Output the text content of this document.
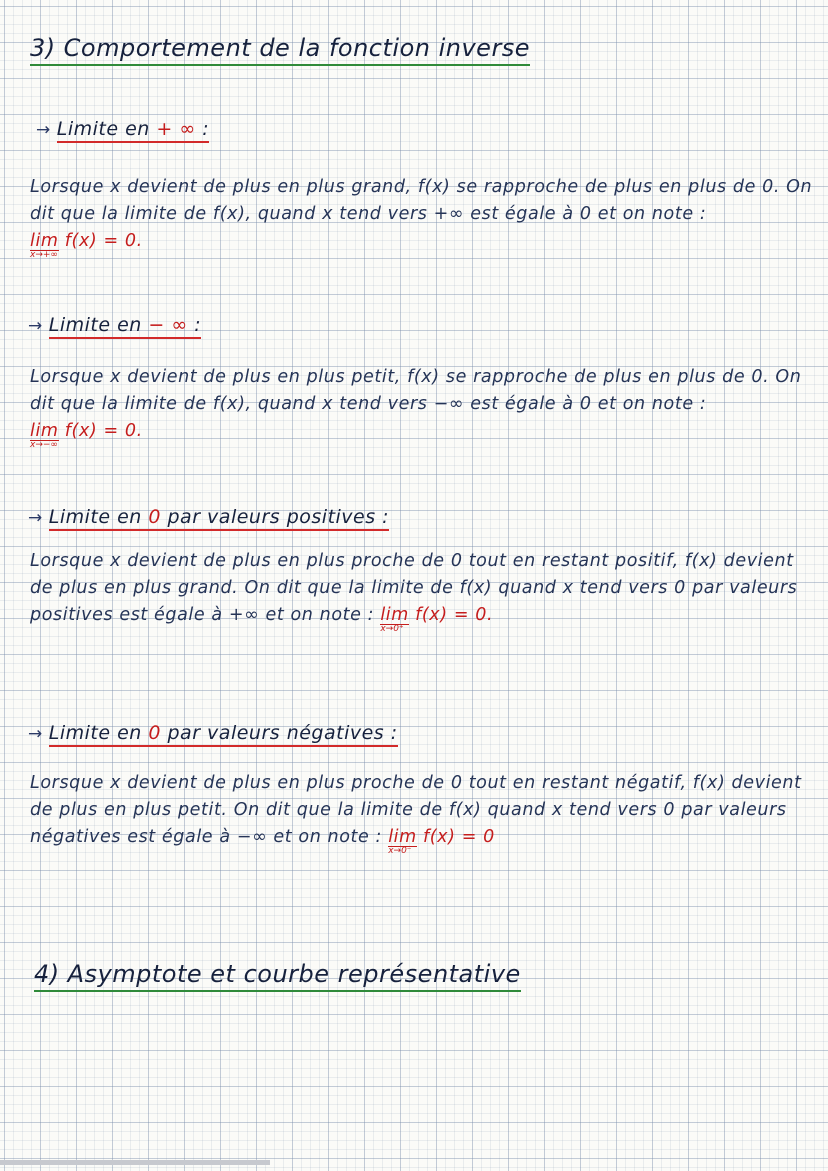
3) Comportement de la fonction inverse
→ Limite en + ∞ :

Lorsque x devient de plus en plus grand, f(x) se rapproche de plus en plus de 0. On dit que la limite de f(x), quand x tend vers +∞ est égale à 0 et on note : lim
x→+∞
f(x) = 0.

→ Limite en − ∞ :

Lorsque x devient de plus en plus petit, f(x) se rapproche de plus en plus de 0. On dit que la limite de f(x), quand x tend vers −∞ est égale à 0 et on note : lim
x→−∞
f(x) = 0.

→ Limite en 0 par valeurs positives :

Lorsque x devient de plus en plus proche de 0 tout en restant positif, f(x) devient de plus en plus grand. On dit que la limite de f(x) quand x tend vers 0 par valeurs positives est égale à +∞ et on note : lim
x→0⁺
f(x) = 0.

→ Limite en 0 par valeurs négatives :

Lorsque x devient de plus en plus proche de 0 tout en restant négatif, f(x) devient de plus en plus petit. On dit que la limite de f(x) quand x tend vers 0 par valeurs négatives est égale à −∞ et on note : lim
x→0⁻
f(x) = 0

4) Asymptote et courbe représentative
